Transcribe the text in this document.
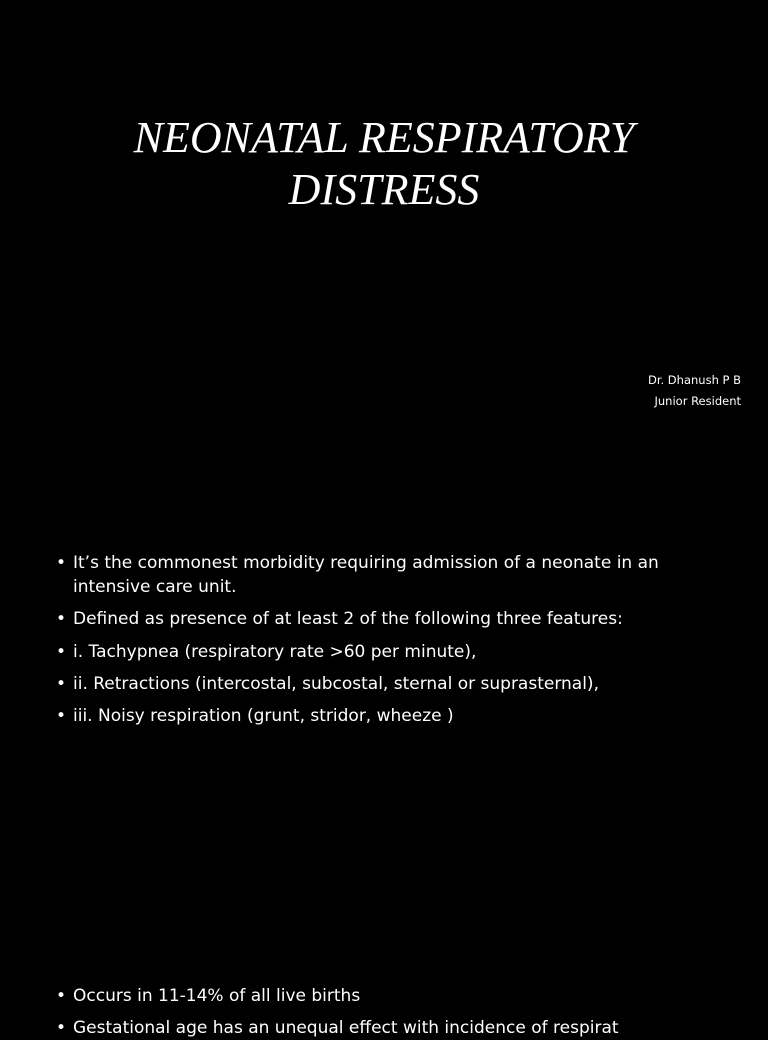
NEONATAL RESPIRATORY
DISTRESS
Dr. Dhanush P B
Junior Resident
• It’s the commonest morbidity requiring admission of a neonate in an intensive care unit.
• Defined as presence of at least 2 of the following three features:
• i. Tachypnea (respiratory rate >60 per minute),
• ii. Retractions (intercostal, subcostal, sternal or suprasternal),
• iii. Noisy respiration (grunt, stridor, wheeze )
• Occurs in 11-14% of all live births
• Gestational age has an unequal effect with incidence of respirat
